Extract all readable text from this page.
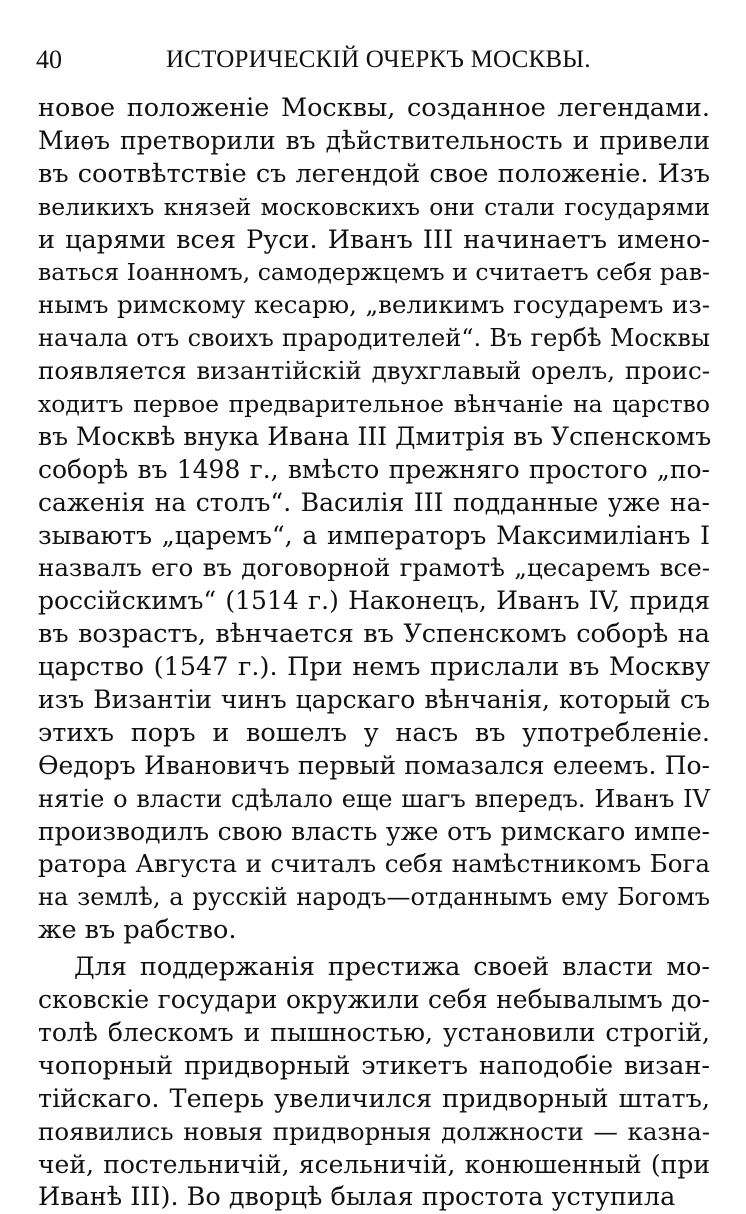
40	ИСТОРИЧЕСКІЙ ОЧЕРКЪ МОСКВЫ.
новое положеніе Москвы, созданное легендами.
Миѳъ претворили въ дѣйствительность и привели
въ соотвѣтствіе съ легендой свое положеніе. Изъ
великихъ князей московскихъ они стали государями
и царями всея Руси. Иванъ III начинаетъ имено-
ваться Іоанномъ, самодержцемъ и считаетъ себя рав-
нымъ римскому кесарю, „великимъ государемъ из-
начала отъ своихъ прародителей“. Въ гербѣ Москвы
появляется византійскій двухглавый орелъ, проис-
ходитъ первое предварительное вѣнчаніе на царство
въ Москвѣ внука Ивана III Дмитрія въ Успенскомъ
соборѣ въ 1498 г., вмѣсто прежняго простого „по-
саженія на столъ“. Василія III подданные уже на-
зываютъ „царемъ“, а императоръ Максимиліанъ I
назвалъ его въ договорной грамотѣ „цесаремъ все-
россійскимъ“ (1514 г.) Наконецъ, Иванъ IV, придя
въ возрастъ, вѣнчается въ Успенскомъ соборѣ на
царство (1547 г.). При немъ прислали въ Москву
изъ Византіи чинъ царскаго вѣнчанія, который съ
этихъ поръ и вошелъ у насъ въ употребленіе.
Ѳедоръ Ивановичъ первый помазался елеемъ. По-
нятіе о власти сдѣлало еще шагъ впередъ. Иванъ IV
производилъ свою власть уже отъ римскаго импе-
ратора Августа и считалъ себя намѣстникомъ Бога
на землѣ, а русскій народъ—отданнымъ ему Богомъ
же въ рабство.
Для поддержанія престижа своей власти мо-
сковскіе государи окружили себя небывалымъ до-
толѣ блескомъ и пышностью, установили строгій,
чопорный придворный этикетъ наподобіе визан-
тійскаго. Теперь увеличился придворный штатъ,
появились новыя придворныя должности — казна-
чей, постельничій, ясельничій, конюшенный (при
Иванѣ III). Во дворцѣ былая простота уступила
